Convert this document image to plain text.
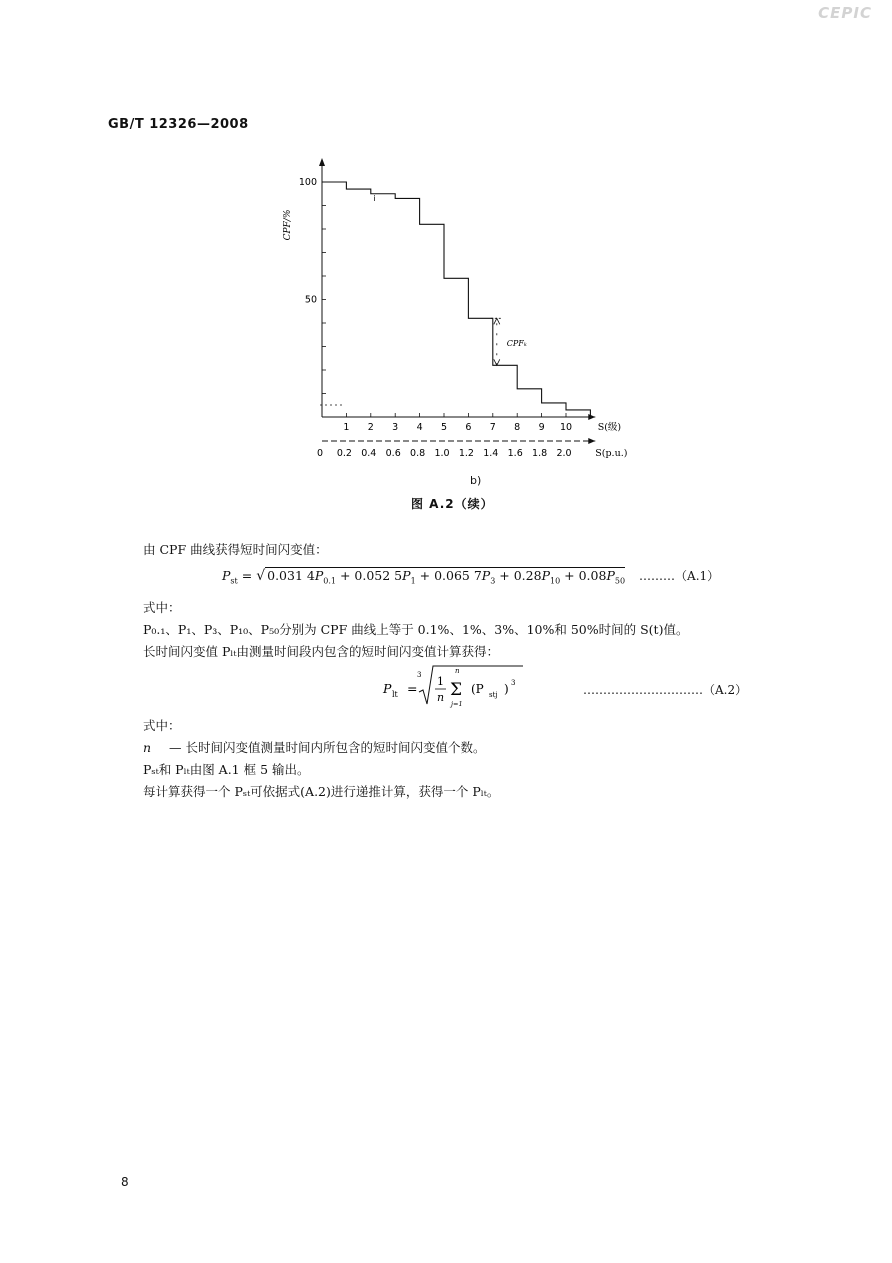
CEPIC
GB/T 12326—2008
100
50
1 2 3 4 5 6 7 8 9 10
0 0.2 0.4 0.6 0.8 1.0 1.2 1.4 1.6 1.8 2.0
CPF/%
S(级)
S(p.u.)
i
CPFₖ
b)
图 A.2（续）
由 CPF 曲线获得短时间闪变值：
$P_{st}$ = √ 0.031 $4P_{0.1} + 0.052$ $5P_1 + 0.065$ $7P_3 + 0.28P_{10} + 0.08P_{50}$ ………（A.1）
式中：
P₀.₁、P₁、P₃、P₁₀、P₅₀分别为 CPF 曲线上等于 0.1%、1%、3%、10%和 50%时间的 S(t)值。
长时间闪变值 Pₗₜ由测量时间段内包含的短时间闪变值计算获得：
P lt =
3 1
n
n
Σ
j=1
(P stj ) 3	…………………………（A.2）
式中：
n — 长时间闪变值测量时间内所包含的短时间闪变值个数。
Pₛₜ和 Pₗₜ由图 A.1 框 5 输出。
每计算获得一个 Pₛₜ可依据式(A.2)进行递推计算，获得一个 Pₗₜ。
8
